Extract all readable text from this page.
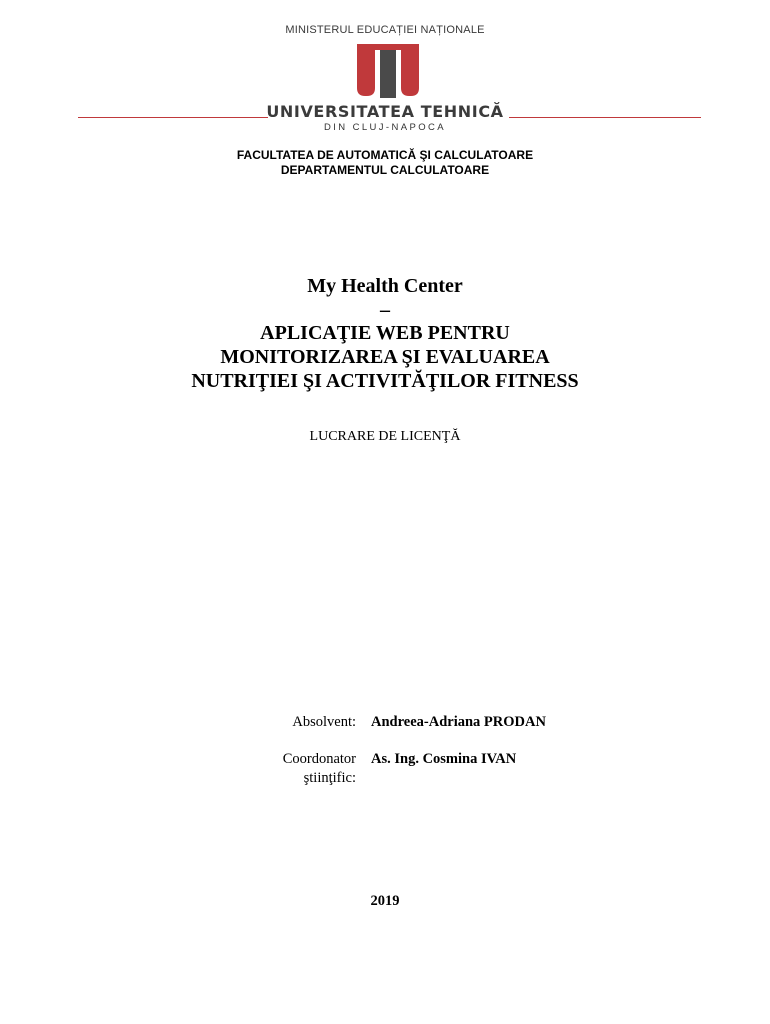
MINISTERUL EDUCAȚIEI NAȚIONALE
UNIVERSITATEA TEHNICĂ
DIN CLUJ-NAPOCA
FACULTATEA DE AUTOMATICĂ ŞI CALCULATOARE
DEPARTAMENTUL CALCULATOARE
My Health Center
–
APLICAŢIE WEB PENTRU
MONITORIZAREA ŞI EVALUAREA
NUTRIŢIEI ŞI ACTIVITĂŢILOR FITNESS
LUCRARE DE LICENŢĂ
Absolvent: Andreea-Adriana PRODAN
Coordonator
ştiinţific:
As. Ing. Cosmina IVAN
2019
